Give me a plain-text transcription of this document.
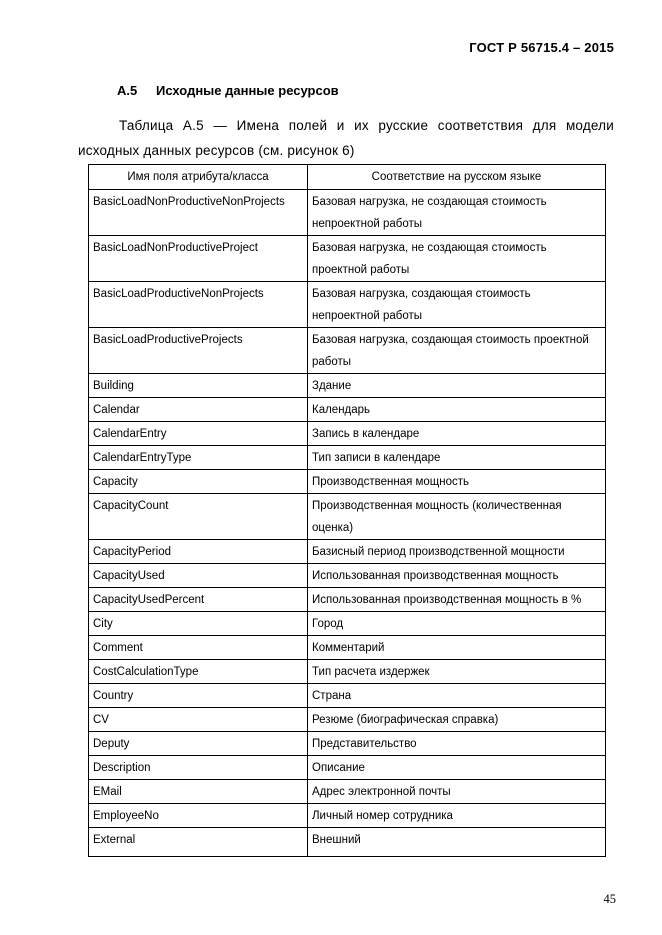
ГОСТ Р 56715.4 – 2015
А.5 Исходные данные ресурсов
Таблица А.5 — Имена полей и их русские соответствия для модели исходных данных ресурсов (см. рисунок 6)
Имя поля атрибута/класса	Соответствие на русском языке
BasicLoadNonProductiveNonProjects	Базовая нагрузка, не создающая стоимость непроектной работы
BasicLoadNonProductiveProject	Базовая нагрузка, не создающая стоимость проектной работы
BasicLoadProductiveNonProjects	Базовая нагрузка, создающая стоимость непроектной работы
BasicLoadProductiveProjects	Базовая нагрузка, создающая стоимость проектной работы
Building	Здание
Calendar	Календарь
CalendarEntry	Запись в календаре
CalendarEntryType	Тип записи в календаре
Capacity	Производственная мощность
CapacityCount	Производственная мощность (количественная оценка)
CapacityPeriod	Базисный период производственной мощности
CapacityUsed	Использованная производственная мощность
CapacityUsedPercent	Использованная производственная мощность в %
City	Город
Comment	Комментарий
CostCalculationType	Тип расчета издержек
Country	Страна
CV	Резюме (биографическая справка)
Deputy	Представительство
Description	Описание
EMail	Адрес электронной почты
EmployeeNo	Личный номер сотрудника
External	Внешний
45
